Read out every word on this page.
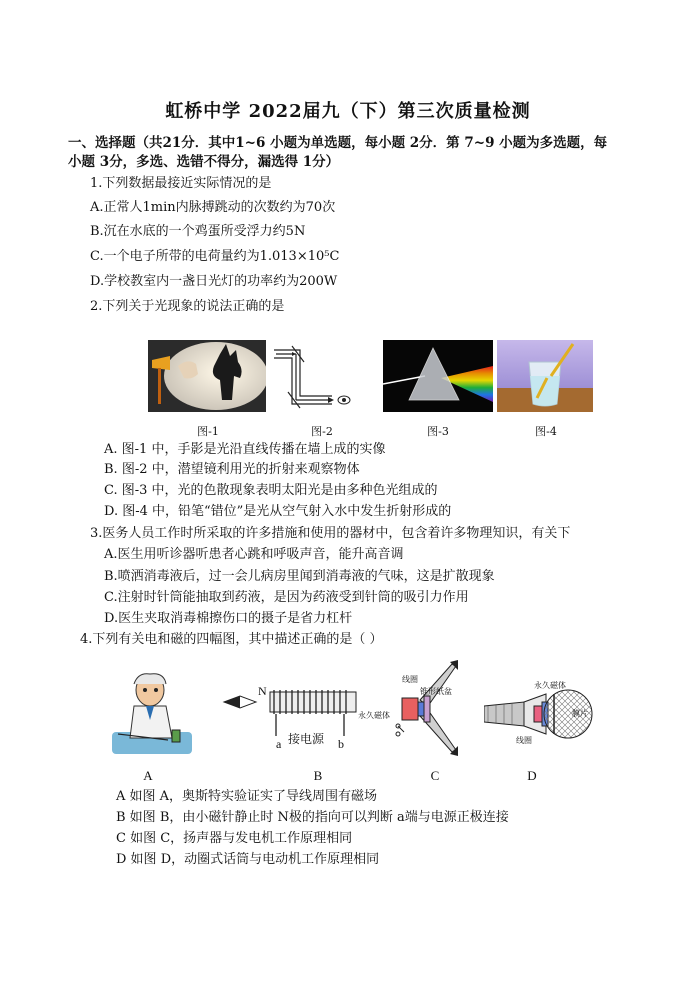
虹桥中学 2022届九（下）第三次质量检测
一、选择题（共21分．其中1~6 小题为单选题，每小题 2分．第 7~9 小题为多选题，每
小题 3分，多选、选错不得分，漏选得 1分）
1.下列数据最接近实际情况的是
A.正常人1min内脉搏跳动的次数约为70次
B.沉在水底的一个鸡蛋所受浮力约5N
C.一个电子所带的电荷量约为1.013×10⁵C
D.学校教室内一盏日光灯的功率约为200W
2.下列关于光现象的说法正确的是
图-1	图-2	图-3	图-4
A. 图-1 中，手影是光沿直线传播在墙上成的实像
B. 图-2 中，潜望镜利用光的折射来观察物体
C. 图-3 中，光的色散现象表明太阳光是由多种色光组成的
D. 图-4 中，铅笔“错位”是光从空气射入水中发生折射形成的
3.医务人员工作时所采取的许多措施和使用的器材中，包含着许多物理知识，有关下
A.医生用听诊器听患者心跳和呼吸声音，能升高音调
B.喷洒消毒液后，过一会儿病房里闻到消毒液的气味，这是扩散现象
C.注射时针筒能抽取到药液，是因为药液受到针筒的吸引力作用
D.医生夹取消毒棉擦伤口的摄子是省力杠杆
4.下列有关电和磁的四幅图，其中描述正确的是（ ）
N
a	b
接电源
线圈
锥形纸盆
永久磁体
永久磁体
膜片
线圈
A	B	C	D
A 如图 A，奥斯特实验证实了导线周围有磁场
B 如图 B，由小磁针静止时 N极的指向可以判断 a端与电源正极连接
C 如图 C，扬声器与发电机工作原理相同
D 如图 D，动圈式话筒与电动机工作原理相同
